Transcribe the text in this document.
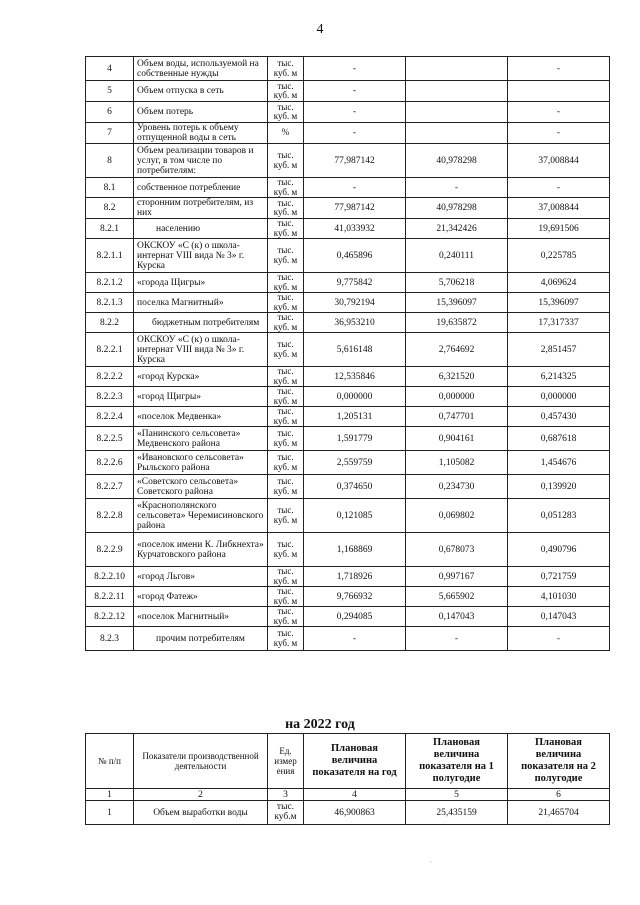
4
4	Объем воды, используемой на собственные нужды	тыс. куб. м	-		-
5	Объем отпуска в сеть	тыс. куб. м	-		
6	Объем потерь	тыс. куб. м	-		-
7	Уровень потерь к объему отпущенной воды в сеть	%	-		-
8	Объем реализации товаров и услуг, в том числе по потребителям:	тыс. куб. м	77,987142	40,978298	37,008844
8.1	собственное потребление	тыс. куб. м	-	-	-
8.2	сторонним потребителям, из них	тыс. куб. м	77,987142	40,978298	37,008844
8.2.1	населению	тыс. куб. м	41,033932	21,342426	19,691506
8.2.1.1	ОКСКОУ «С (к) о школа-интернат VIII вида № 3» г. Курска	тыс. куб. м	0,465896	0,240111	0,225785
8.2.1.2	«города Щигры»	тыс. куб. м	9,775842	5,706218	4,069624
8.2.1.3	поселка Магнитный»	тыс. куб. м	30,792194	15,396097	15,396097
8.2.2	бюджетным потребителям	тыс. куб. м	36,953210	19,635872	17,317337
8.2.2.1	ОКСКОУ «С (к) о школа-интернат VIII вида № 3» г. Курска	тыс. куб. м	5,616148	2,764692	2,851457
8.2.2.2	«город Курска»	тыс. куб. м	12,535846	6,321520	6,214325
8.2.2.3	«город Щигры»	тыс. куб. м	0,000000	0,000000	0,000000
8.2.2.4	«поселок Медвенка»	тыс. куб. м	1,205131	0,747701	0,457430
8.2.2.5	«Панинского сельсовета» Медвенского района	тыс. куб. м	1,591779	0,904161	0,687618
8.2.2.6	«Ивановского сельсовета» Рыльского района	тыс. куб. м	2,559759	1,105082	1,454676
8.2.2.7	«Советского сельсовета» Советского района	тыс. куб. м	0,374650	0,234730	0,139920
8.2.2.8	«Краснополянского сельсовета» Черемисиновского района	тыс. куб. м	0,121085	0,069802	0,051283
8.2.2.9	«поселок имени К. Либкнехта» Курчатовского района	тыс. куб. м	1,168869	0,678073	0,490796
8.2.2.10	«город Льгов»	тыс. куб. м	1,718926	0,997167	0,721759
8.2.2.11	«город Фатеж»	тыс. куб. м	9,766932	5,665902	4,101030
8.2.2.12	«поселок Магнитный»	тыс. куб. м	0,294085	0,147043	0,147043
8.2.3	прочим потребителям	тыс. куб. м	-	-	-
на 2022 год
№ п/п	Показатели производственной деятельности	Ед. измер ения	Плановая величина показателя на год	Плановая величина показателя на 1 полугодие	Плановая величина показателя на 2 полугодие
1	2	3	4	5	6
1	Объем выработки воды	тыс. куб.м	46,900863	25,435159	21,465704
·
